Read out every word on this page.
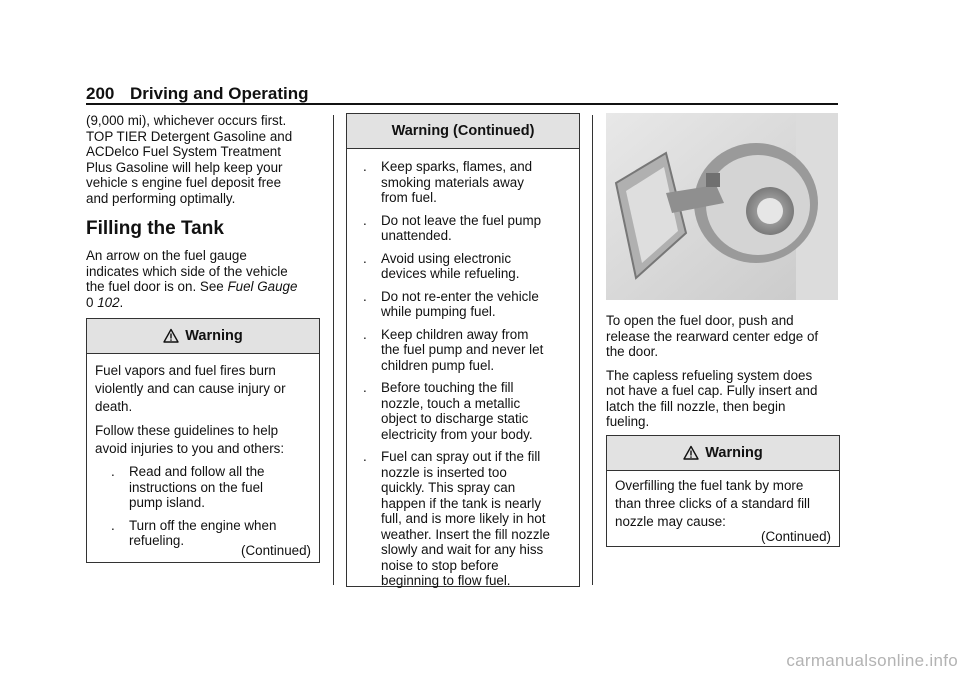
200 Driving and Operating
(9,000 mi), whichever occurs first.
TOP TIER Detergent Gasoline and
ACDelco Fuel System Treatment
Plus Gasoline will help keep your
vehicle s engine fuel deposit free
and performing optimally.
Filling the Tank
An arrow on the fuel gauge
indicates which side of the vehicle
the fuel door is on. See Fuel Gauge
0 102.
Warning

Fuel vapors and fuel fires burn
violently and can cause injury or
death.

Follow these guidelines to help
avoid injuries to you and others:

. Read and follow all the
instructions on the fuel
pump island.
. Turn off the engine when
refueling.
(Continued)
Warning (Continued)
. Keep sparks, flames, and
smoking materials away
from fuel.
. Do not leave the fuel pump
unattended.
. Avoid using electronic
devices while refueling.
. Do not re-enter the vehicle
while pumping fuel.
. Keep children away from
the fuel pump and never let
children pump fuel.
. Before touching the fill
nozzle, touch a metallic
object to discharge static
electricity from your body.
. Fuel can spray out if the fill
nozzle is inserted too
quickly. This spray can
happen if the tank is nearly
full, and is more likely in hot
weather. Insert the fill nozzle
slowly and wait for any hiss
noise to stop before
beginning to flow fuel.
To open the fuel door, push and
release the rearward center edge of
the door.
The capless refueling system does
not have a fuel cap. Fully insert and
latch the fill nozzle, then begin
fueling.
Warning
Overfilling the fuel tank by more
than three clicks of a standard fill
nozzle may cause:
(Continued)
carmanualsonline.info
